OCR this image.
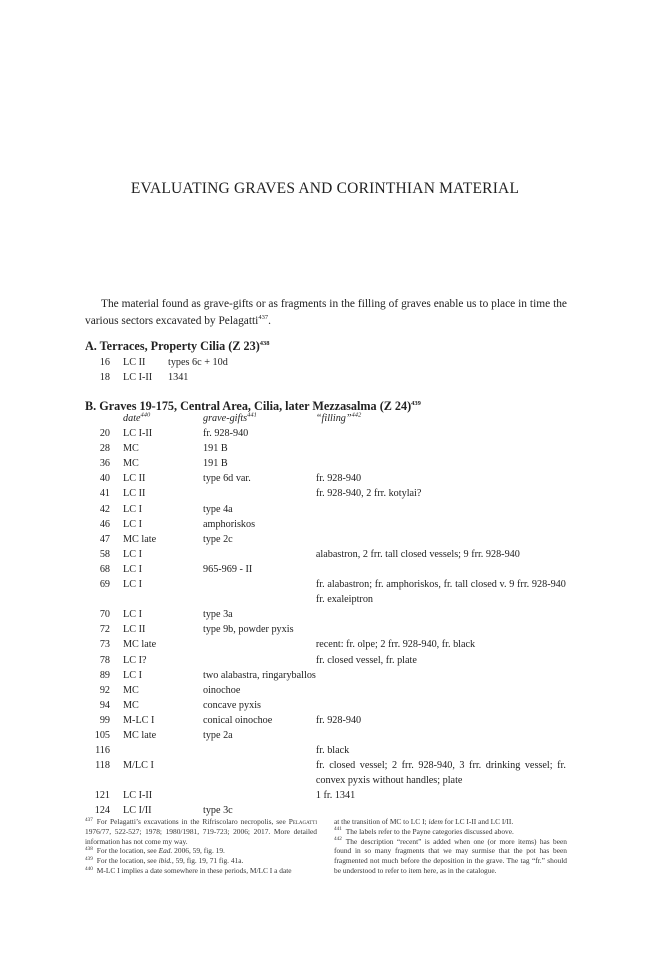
EVALUATING GRAVES AND CORINTHIAN MATERIAL

The material found as grave-gifts or as fragments in the filling of graves enable us to place in time the various sectors excavated by Pelagatti$^{437}$.

A. Terraces, Property Cilia (Z 23)$^{438}$
16	LC II	types 6c + 10d
18	LC I-II	1341
B. Graves 19-175, Central Area, Cilia, later Mezzasalma (Z 24)$^{439}$
	date$^{440}$	grave-gifts$^{441}$	“filling”$^{442}$
20	LC I-II	fr. 928-940	
28	MC	191 B	
36	MC	191 B	
40	LC II	type 6d var.	fr. 928-940
41	LC II		fr. 928-940, 2 frr. kotylai?
42	LC I	type 4a	
46	LC I	amphoriskos	
47	MC late	type 2c	
58	LC I		alabastron, 2 frr. tall closed vessels; 9 frr. 928-940
68	LC I	965-969 - II	
69	LC I		fr. alabastron; fr. amphoriskos, fr. tall closed v. 9 frr. 928-940 fr. exaleiptron
70	LC I	type 3a	
72	LC II	type 9b, powder pyxis	
73	MC late		recent: fr. olpe; 2 frr. 928-940, fr. black
78	LC I?		fr. closed vessel, fr. plate
89	LC I	two alabastra, ringaryballos	
92	MC	oinochoe	
94	MC	concave pyxis	
99	M-LC I	conical oinochoe	fr. 928-940
105	MC late	type 2a	
116			fr. black
118	M/LC I		fr. closed vessel; 2 frr. 928-940, 3 frr. drinking vessel; fr. convex pyxis without handles; plate
121	LC I-II		1 fr. 1341
124	LC I/II	type 3c	

$^{437}$ For Pelagatti’s excavations in the Rifriscolaro necropolis, see Pelagatti 1976/77, 522-527; 1978; 1980/1981, 719-723; 2006; 2017. More detailed information has not come my way.

$^{438}$ For the location, see Ead. 2006, 59, fig. 19.

$^{439}$ For the location, see ibid., 59, fig. 19, 71 fig. 41a.

$^{440}$ M-LC I implies a date somewhere in these periods, M/LC I a date

at the transition of MC to LC I; idem for LC I-II and LC I/II.

$^{441}$ The labels refer to the Payne categories discussed above.

$^{442}$ The description “recent” is added when one (or more items) has been found in so many fragments that we may surmise that the pot has been fragmented not much before the deposition in the grave. The tag “fr.” should be understood to refer to item here, as in the catalogue.
